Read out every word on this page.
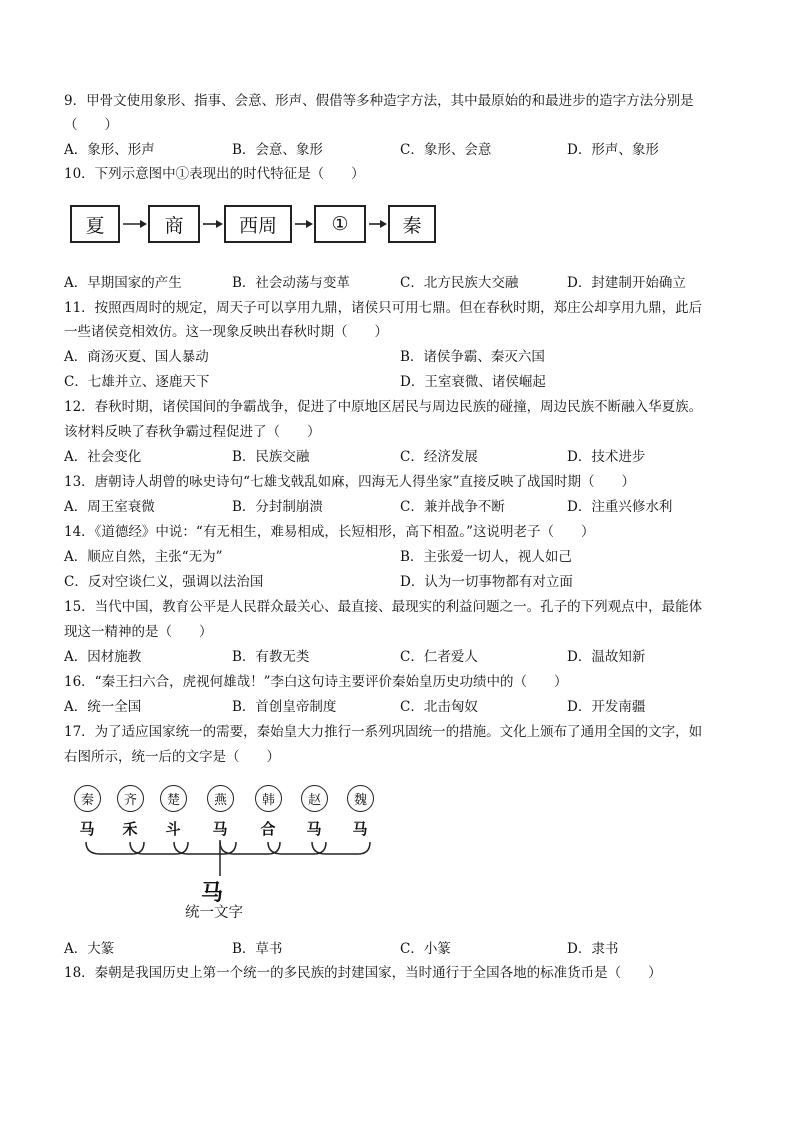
9．甲骨文使用象形、指事、会意、形声、假借等多种造字方法，其中最原始的和最进步的造字方法分别是
（　　）
A．象形、形声	B．会意、象形	C．象形、会意	D．形声、象形
10．下列示意图中①表现出的时代特征是（　　）
夏	商	西周	①	秦
A．早期国家的产生	B．社会动荡与变革	C．北方民族大交融	D．封建制开始确立
11．按照西周时的规定，周天子可以享用九鼎，诸侯只可用七鼎。但在春秋时期，郑庄公却享用九鼎，此后
一些诸侯竞相效仿。这一现象反映出春秋时期（　　）
A．商汤灭夏、国人暴动	B．诸侯争霸、秦灭六国
C．七雄并立、逐鹿天下	D．王室衰微、诸侯崛起
12．春秋时期，诸侯国间的争霸战争，促进了中原地区居民与周边民族的碰撞，周边民族不断融入华夏族。
该材料反映了春秋争霸过程促进了（　　）
A．社会变化	B．民族交融	C．经济发展	D．技术进步
13．唐朝诗人胡曾的咏史诗句“七雄戈戟乱如麻，四海无人得坐家”直接反映了战国时期（　　）
A．周王室衰微	B．分封制崩溃	C．兼并战争不断	D．注重兴修水利
14．《道德经》中说：“有无相生，难易相成，长短相形，高下相盈。”这说明老子（　　）
A．顺应自然，主张“无为”	B．主张爱一切人，视人如己
C．反对空谈仁义，强调以法治国	D．认为一切事物都有对立面
15．当代中国，教育公平是人民群众最关心、最直接、最现实的利益问题之一。孔子的下列观点中，最能体
现这一精神的是（　　）
A．因材施教	B．有教无类	C．仁者爱人	D．温故知新
16．“秦王扫六合，虎视何雄哉！”李白这句诗主要评价秦始皇历史功绩中的（　　）
A．统一全国	B．首创皇帝制度	C．北击匈奴	D．开发南疆
17．为了适应国家统一的需要，秦始皇大力推行一系列巩固统一的措施。文化上颁布了通用全国的文字，如
右图所示，统一后的文字是（　　）
秦	齐	楚	燕	韩	赵	魏
马	禾	斗	马	合	马	马
马
统一文字
A．大篆	B．草书	C．小篆	D．隶书
18．秦朝是我国历史上第一个统一的多民族的封建国家，当时通行于全国各地的标准货币是（　　）
